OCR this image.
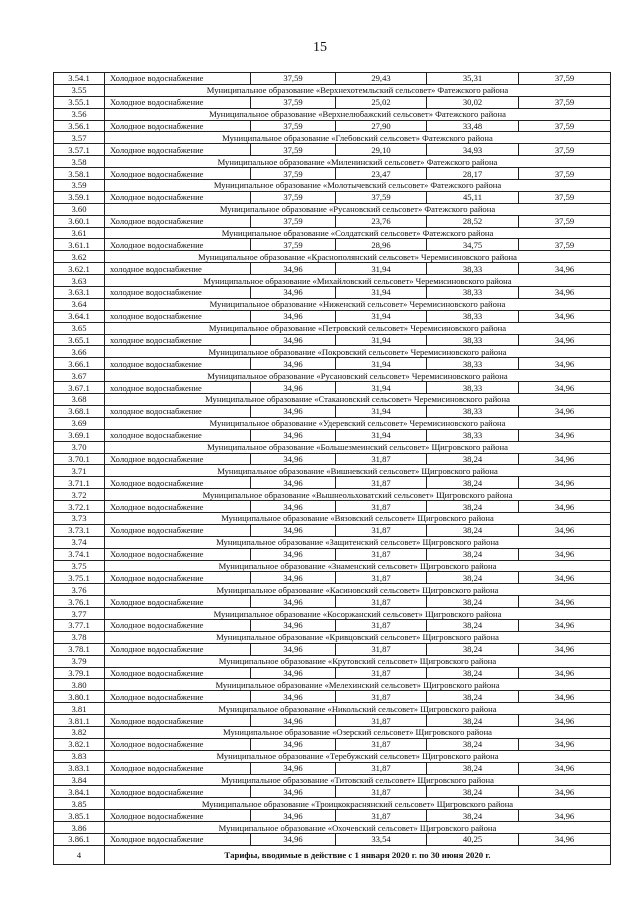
15
3.54.1	Холодное водоснабжение	37,59	29,43	35,31	37,59
3.55	Муниципальное образование «Верхнехотемльский сельсовет» Фатежского района				
3.55.1	Холодное водоснабжение	37,59	25,02	30,02	37,59
3.56	Муниципальное образование «Верхнелюбажский сельсовет» Фатежского района				
3.56.1	Холодное водоснабжение	37,59	27,90	33,48	37,59
3.57	Муниципальное образование «Глебовский сельсовет» Фатежского района				
3.57.1	Холодное водоснабжение	37,59	29,10	34,93	37,59
3.58	Муниципальное образование «Миленинский сельсовет» Фатежского района				
3.58.1	Холодное водоснабжение	37,59	23,47	28,17	37,59
3.59	Муниципальное образование «Молотычевский сельсовет» Фатежского района				
3.59.1	Холодное водоснабжение	37,59	37,59	45,11	37,59
3.60	Муниципальное образование «Русановский сельсовет» Фатежского района				
3.60.1	Холодное водоснабжение	37,59	23,76	28,52	37,59
3.61	Муниципальное образование «Солдатский сельсовет» Фатежского района				
3.61.1	Холодное водоснабжение	37,59	28,96	34,75	37,59
3.62	Муниципальное образование «Краснополянский сельсовет» Черемисиновского района				
3.62.1	холодное водоснабжение	34,96	31,94	38,33	34,96
3.63	Муниципальное образование «Михайловский сельсовет» Черемисиновского района				
3.63.1	холодное водоснабжение	34,96	31,94	38,33	34,96
3.64	Муниципальное образование «Ниженский сельсовет» Черемисиновского района				
3.64.1	холодное водоснабжение	34,96	31,94	38,33	34,96
3.65	Муниципальное образование «Петровский сельсовет» Черемисиновского района				
3.65.1	холодное водоснабжение	34,96	31,94	38,33	34,96
3.66	Муниципальное образование «Покровский сельсовет» Черемисиновского района				
3.66.1	холодное водоснабжение	34,96	31,94	38,33	34,96
3.67	Муниципальное образование «Русановский сельсовет» Черемисиновского района				
3.67.1	холодное водоснабжение	34,96	31,94	38,33	34,96
3.68	Муниципальное образование «Стакановский сельсовет» Черемисиновского района				
3.68.1	холодное водоснабжение	34,96	31,94	38,33	34,96
3.69	Муниципальное образование «Удеревский сельсовет» Черемисиновского района				
3.69.1	холодное водоснабжение	34,96	31,94	38,33	34,96
3.70	Муниципальное образование «Большезмеинский сельсовет» Щигровского района				
3.70.1	Холодное водоснабжение	34,96	31,87	38,24	34,96
3.71	Муниципальное образование «Вишневский сельсовет» Щигровского района				
3.71.1	Холодное водоснабжение	34,96	31,87	38,24	34,96
3.72	Муниципальное образование «Вышнеольховатский сельсовет» Щигровского района				
3.72.1	Холодное водоснабжение	34,96	31,87	38,24	34,96
3.73	Муниципальное образование «Вязовский сельсовет» Щигровского района				
3.73.1	Холодное водоснабжение	34,96	31,87	38,24	34,96
3.74	Муниципальное образование «Защитенский сельсовет» Щигровского района				
3.74.1	Холодное водоснабжение	34,96	31,87	38,24	34,96
3.75	Муниципальное образование «Знаменский сельсовет» Щигровского района				
3.75.1	Холодное водоснабжение	34,96	31,87	38,24	34,96
3.76	Муниципальное образование «Касиновский сельсовет» Щигровского района				
3.76.1	Холодное водоснабжение	34,96	31,87	38,24	34,96
3.77	Муниципальное образование «Косоржанский сельсовет» Щигровского района				
3.77.1	Холодное водоснабжение	34,96	31,87	38,24	34,96
3.78	Муниципальное образование «Кривцовский сельсовет» Щигровского района				
3.78.1	Холодное водоснабжение	34,96	31,87	38,24	34,96
3.79	Муниципальное образование «Крутовский сельсовет» Щигровского района				
3.79.1	Холодное водоснабжение	34,96	31,87	38,24	34,96
3.80	Муниципальное образование «Мелехинский сельсовет» Щигровского района				
3.80.1	Холодное водоснабжение	34,96	31,87	38,24	34,96
3.81	Муниципальное образование «Никольский сельсовет» Щигровского района				
3.81.1	Холодное водоснабжение	34,96	31,87	38,24	34,96
3.82	Муниципальное образование «Озерский сельсовет» Щигровского района				
3.82.1	Холодное водоснабжение	34,96	31,87	38,24	34,96
3.83	Муниципальное образование «Теребужский сельсовет» Щигровского района				
3.83.1	Холодное водоснабжение	34,96	31,87	38,24	34,96
3.84	Муниципальное образование «Титовский сельсовет» Щигровского района				
3.84.1	Холодное водоснабжение	34,96	31,87	38,24	34,96
3.85	Муниципальное образование «Троицкокраснянский сельсовет» Щигровского района				
3.85.1	Холодное водоснабжение	34,96	31,87	38,24	34,96
3.86	Муниципальное образование «Охочевский сельсовет» Щигровского района				
3.86.1	Холодное водоснабжение	34,96	33,54	40,25	34,96
4	Тарифы, вводимые в действие с 1 января 2020 г. по 30 июня 2020 г.				
